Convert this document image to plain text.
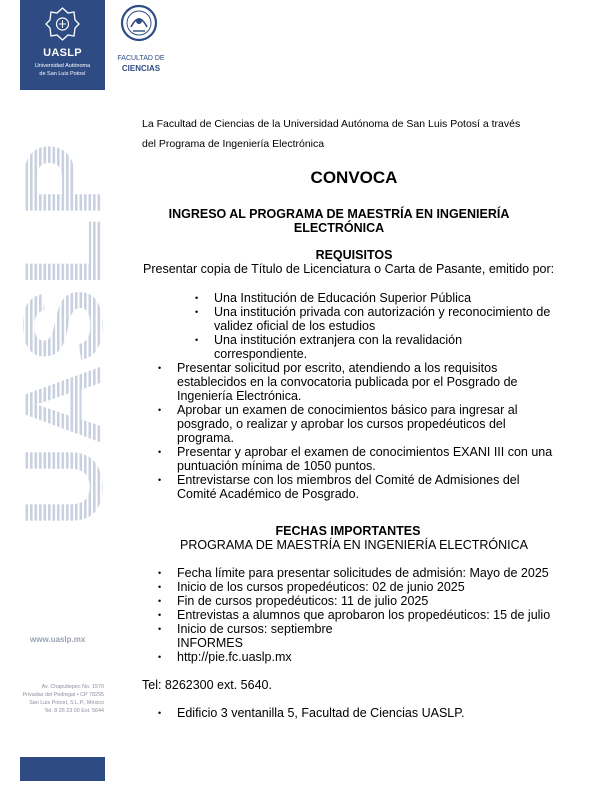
UASLP
Universidad Autónoma
de San Luis Potosí
FACULTAD DE
CIENCIAS
UASLP
www.uaslp.mx
Av. Chapultepec No. 1570
Privadas del Pedregal • CP 78295
San Luis Potosí, S.L.P., México
Tel. 8 26 23 00 Ext. 5644
La Facultad de Ciencias de la Universidad Autónoma de San Luis Potosí a través
del Programa de Ingeniería Electrónica
CONVOCA
INGRESO AL PROGRAMA DE MAESTRÍA EN INGENIERÍA
ELECTRÓNICA
REQUISITOS
Presentar copia de Título de Licenciatura o Carta de Pasante, emitido por:
• Una Institución de Educación Superior Pública
• Una institución privada con autorización y reconocimiento de validez oficial de los estudios
• Una institución extranjera con la revalidación correspondiente.
• Presentar solicitud por escrito, atendiendo a los requisitos establecidos en la convocatoria publicada por el Posgrado de Ingeniería Electrónica.
• Aprobar un examen de conocimientos básico para ingresar al posgrado, o realizar y aprobar los cursos propedéuticos del programa.
• Presentar y aprobar el examen de conocimientos EXANI III con una puntuación mínima de 1050 puntos.
• Entrevistarse con los miembros del Comité de Admisiones del Comité Académico de Posgrado.
FECHAS IMPORTANTES
PROGRAMA DE MAESTRÍA EN INGENIERÍA ELECTRÓNICA
• Fecha límite para presentar solicitudes de admisión: Mayo de 2025
• Inicio de los cursos propedéuticos: 02 de junio 2025
• Fin de cursos propedéuticos: 11 de julio 2025
• Entrevistas a alumnos que aprobaron los propedéuticos: 15 de julio
• Inicio de cursos: septiembre
INFORMES
• http://pie.fc.uaslp.mx
Tel: 8262300 ext. 5640.
• Edificio 3 ventanilla 5, Facultad de Ciencias UASLP.
